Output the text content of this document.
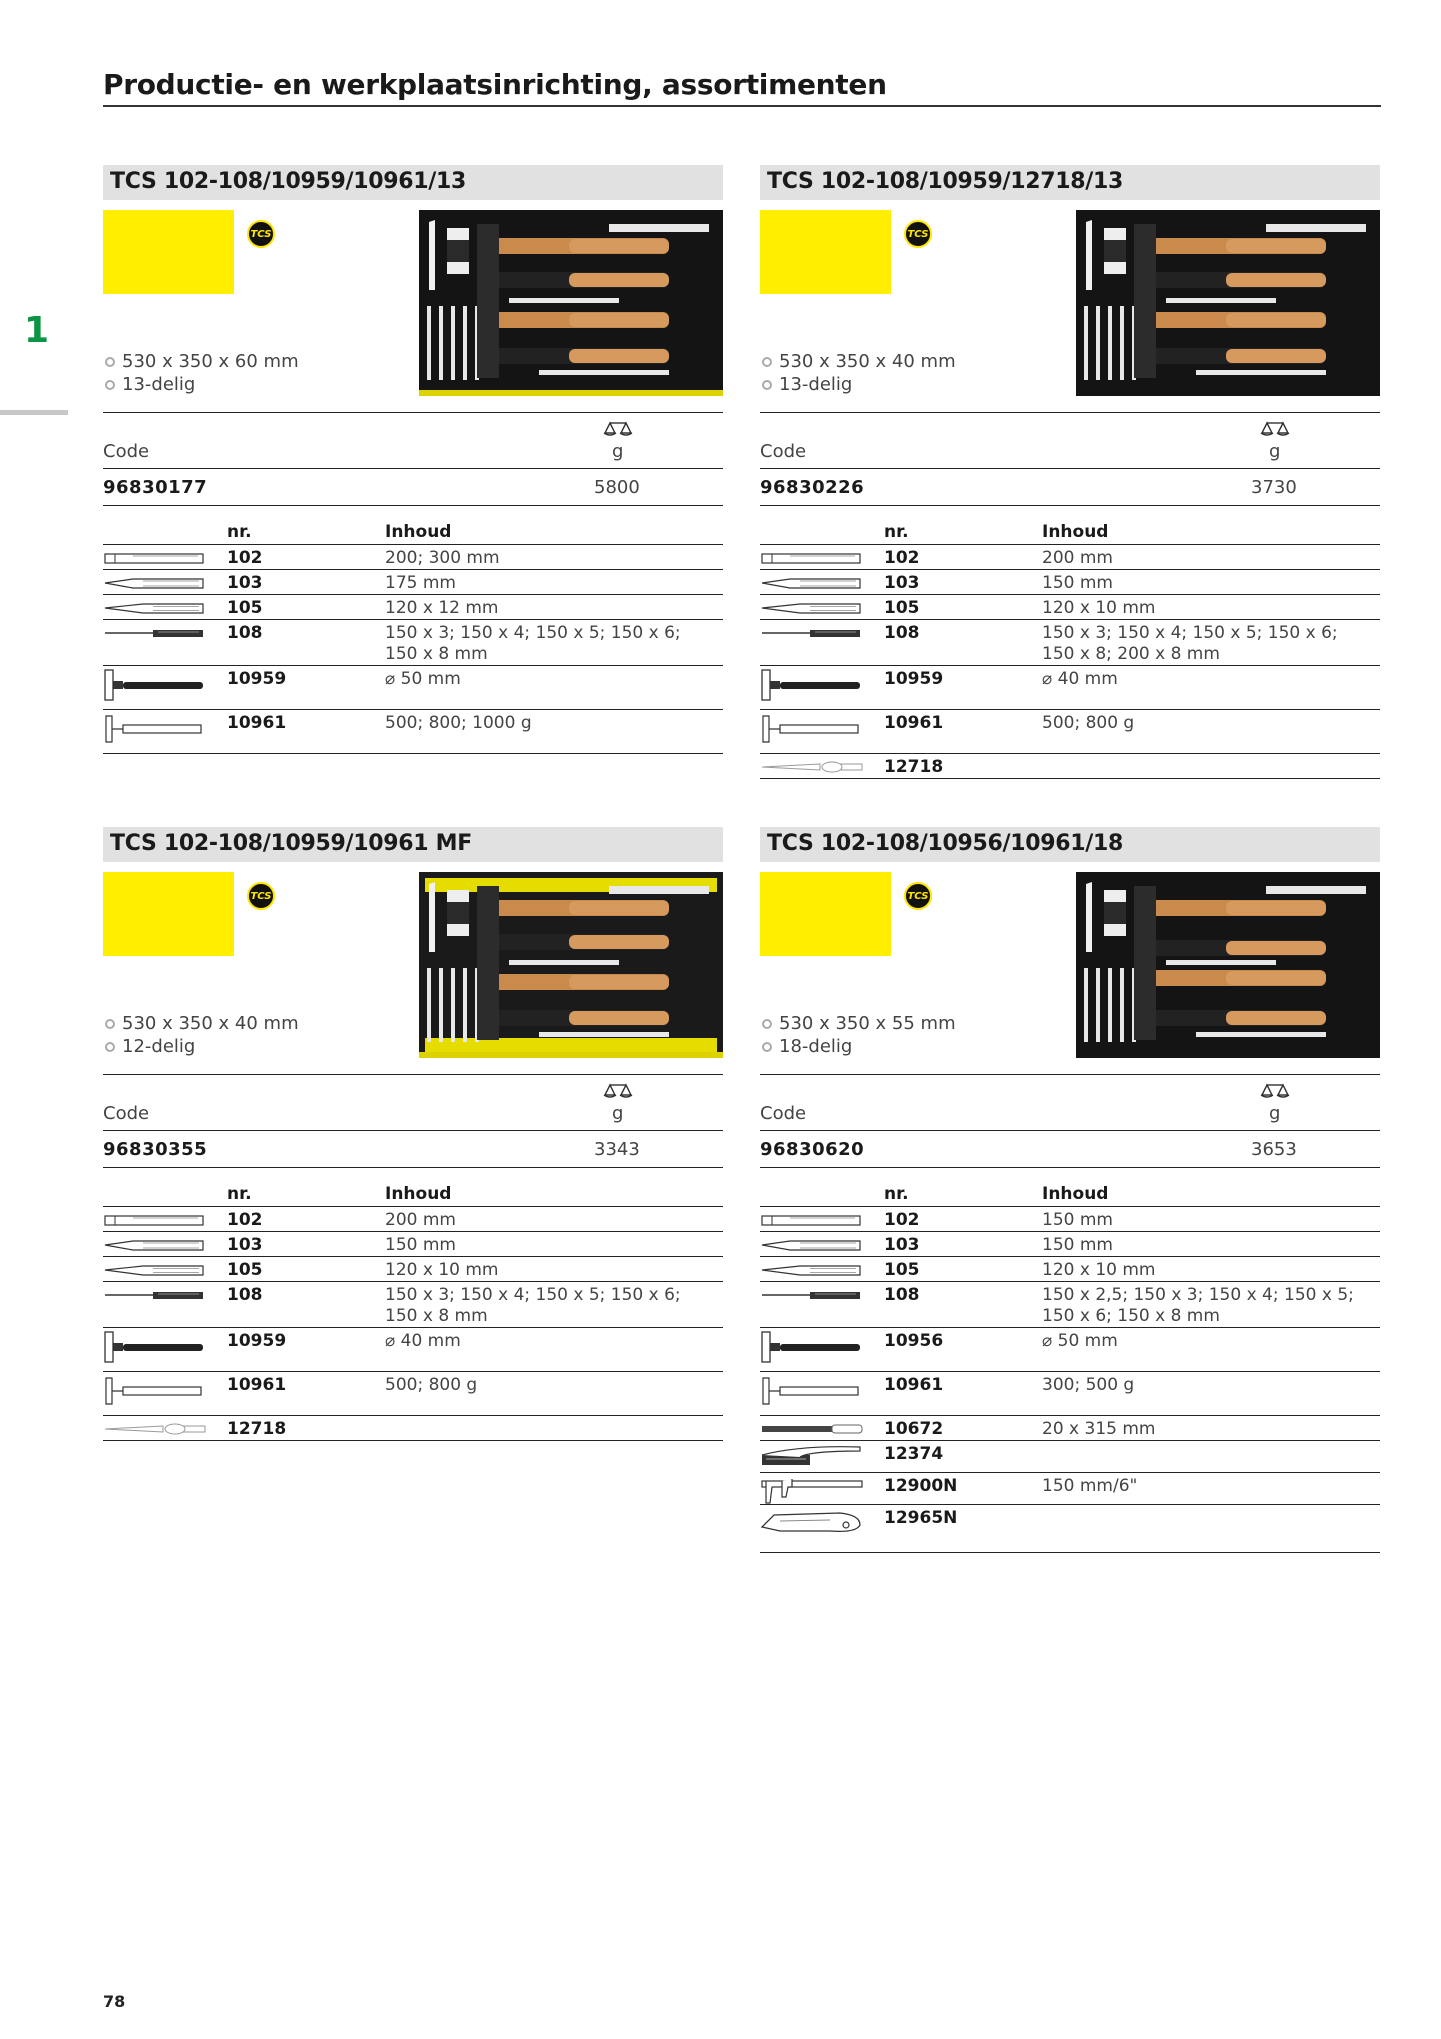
Productie- en werkplaatsinrichting, assortimenten
1
TCS 102-108/10959/10961/13
TCS
530 x 350 x 60 mm
13-delig
Code	g
96830177	5800
nr.	Inhoud
102	200; 300 mm
103	175 mm
105	120 x 12 mm
108	150 x 3; 150 x 4; 150 x 5; 150 x 6; 150 x 8 mm
10959	⌀ 50 mm
10961	500; 800; 1000 g
TCS 102-108/10959/12718/13
TCS
530 x 350 x 40 mm
13-delig
Code	g
96830226	3730
nr.	Inhoud
102	200 mm
103	150 mm
105	120 x 10 mm
108	150 x 3; 150 x 4; 150 x 5; 150 x 6; 150 x 8; 200 x 8 mm
10959	⌀ 40 mm
10961	500; 800 g
12718
TCS 102-108/10959/10961 MF
TCS
530 x 350 x 40 mm
12-delig
Code	g
96830355	3343
nr.	Inhoud
102	200 mm
103	150 mm
105	120 x 10 mm
108	150 x 3; 150 x 4; 150 x 5; 150 x 6; 150 x 8 mm
10959	⌀ 40 mm
10961	500; 800 g
12718
TCS 102-108/10956/10961/18
TCS
530 x 350 x 55 mm
18-delig
Code	g
96830620	3653
nr.	Inhoud
102	150 mm
103	150 mm
105	120 x 10 mm
108	150 x 2,5; 150 x 3; 150 x 4; 150 x 5; 150 x 6; 150 x 8 mm
10956	⌀ 50 mm
10961	300; 500 g
10672	20 x 315 mm
12374
12900N	150 mm/6"
12965N
78
